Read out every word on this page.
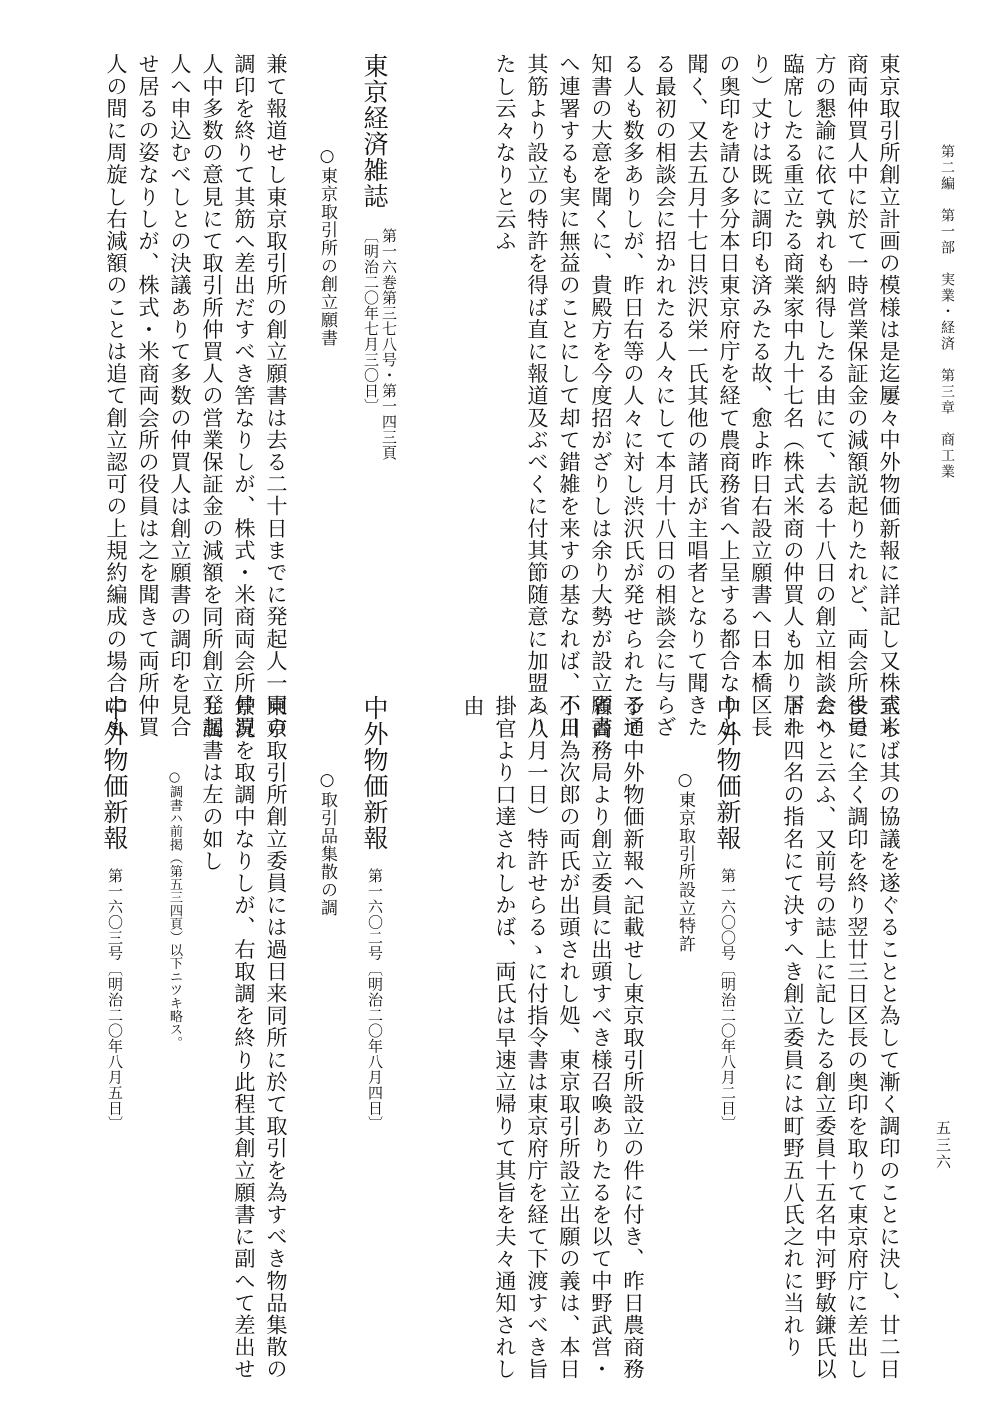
第二編　第一部　実業・経済　第三章　商工業
五三六
東京取引所創立計画の模様は是迄屢々中外物価新報に詳記し又株式米
商両仲買人中に於て一時営業保証金の減額説起りたれど、両会所役員
方の懇諭に依て孰れも納得したる由にて、去る十八日の創立相談会へ
臨席したる重立たる商業家中九十七名（株式米商の仲買人も加り居れ
り）丈けは既に調印も済みたる故、愈よ昨日右設立願書へ日本橋区長
の奥印を請ひ多分本日東京府庁を経て農商務省へ上呈する都合なりと
聞く、又去五月十七日渋沢栄一氏其他の諸氏が主唱者となりて聞きた
る最初の相談会に招かれたる人々にして本月十八日の相談会に与らざ
る人も数多ありしが、昨日右等の人々に対し渋沢氏が発せられたる通
知書の大意を聞くに、貴殿方を今度招がざりしは余り大勢が設立願書
へ連署するも実に無益のことにして却て錯雑を来すの基なれば、不日
其筋より設立の特許を得ば直に報道及ぶべくに付其節随意に加盟あり
たし云々なりと云ふ
東京経済雑誌
第一六巻第三七八号・第一四三頁
〔明治二〇年七月三〇日〕
○東京取引所の創立願書
兼て報道せし東京取引所の創立願書は去る二十日までに発起人一同の
調印を終りて其筋へ差出だすべき筈なりしが、株式・米商両会所仲買
人中多数の意見にて取引所仲買人の営業保証金の減額を同所創立発起
人へ申込むべしとの決議ありて多数の仲買人は創立願書の調印を見合
せ居るの姿なりしが、株式・米商両会所の役員は之を聞きて両所仲買
人の間に周旋し右減額のことは追て創立認可の上規約編成の場合にも
至らば其の協議を遂ぐることと為して漸く調印のことに決し、廿二日
までに全く調印を終り翌廿三日区長の奥印を取りて東京府庁に差出し
たりと云ふ、又前号の誌上に記したる創立委員十五名中河野敏鎌氏以
下十四名の指名にて決すへき創立委員には町野五八氏之れに当れり
中外物価新報
第一六〇〇号〔明治二〇年八月二日〕
○東京取引所設立特許
予て中外物価新報へ記載せし東京取引所設立の件に付き、昨日農商務
省商務局より創立委員に出頭すべき様召喚ありたるを以て中野武営・
小川為次郎の両氏が出頭されし処、東京取引所設立出願の義は、本日
（八月一日）特許せらるゝに付指令書は東京府庁を経て下渡すべき旨
掛官より口達されしかば、両氏は早速立帰りて其旨を夫々通知されし
由
中外物価新報
第一六〇二号〔明治二〇年八月四日〕
○取引品集散の調
東京取引所創立委員には過日来同所に於て取引を為すべき物品集散の
景況を取調中なりしが、右取調を終り此程其創立願書に副へて差出せ
し調書は左の如し
○調書ハ前掲（第五三四頁）以下ニツキ略ス。
中外物価新報
第一六〇三号〔明治二〇年八月五日〕
